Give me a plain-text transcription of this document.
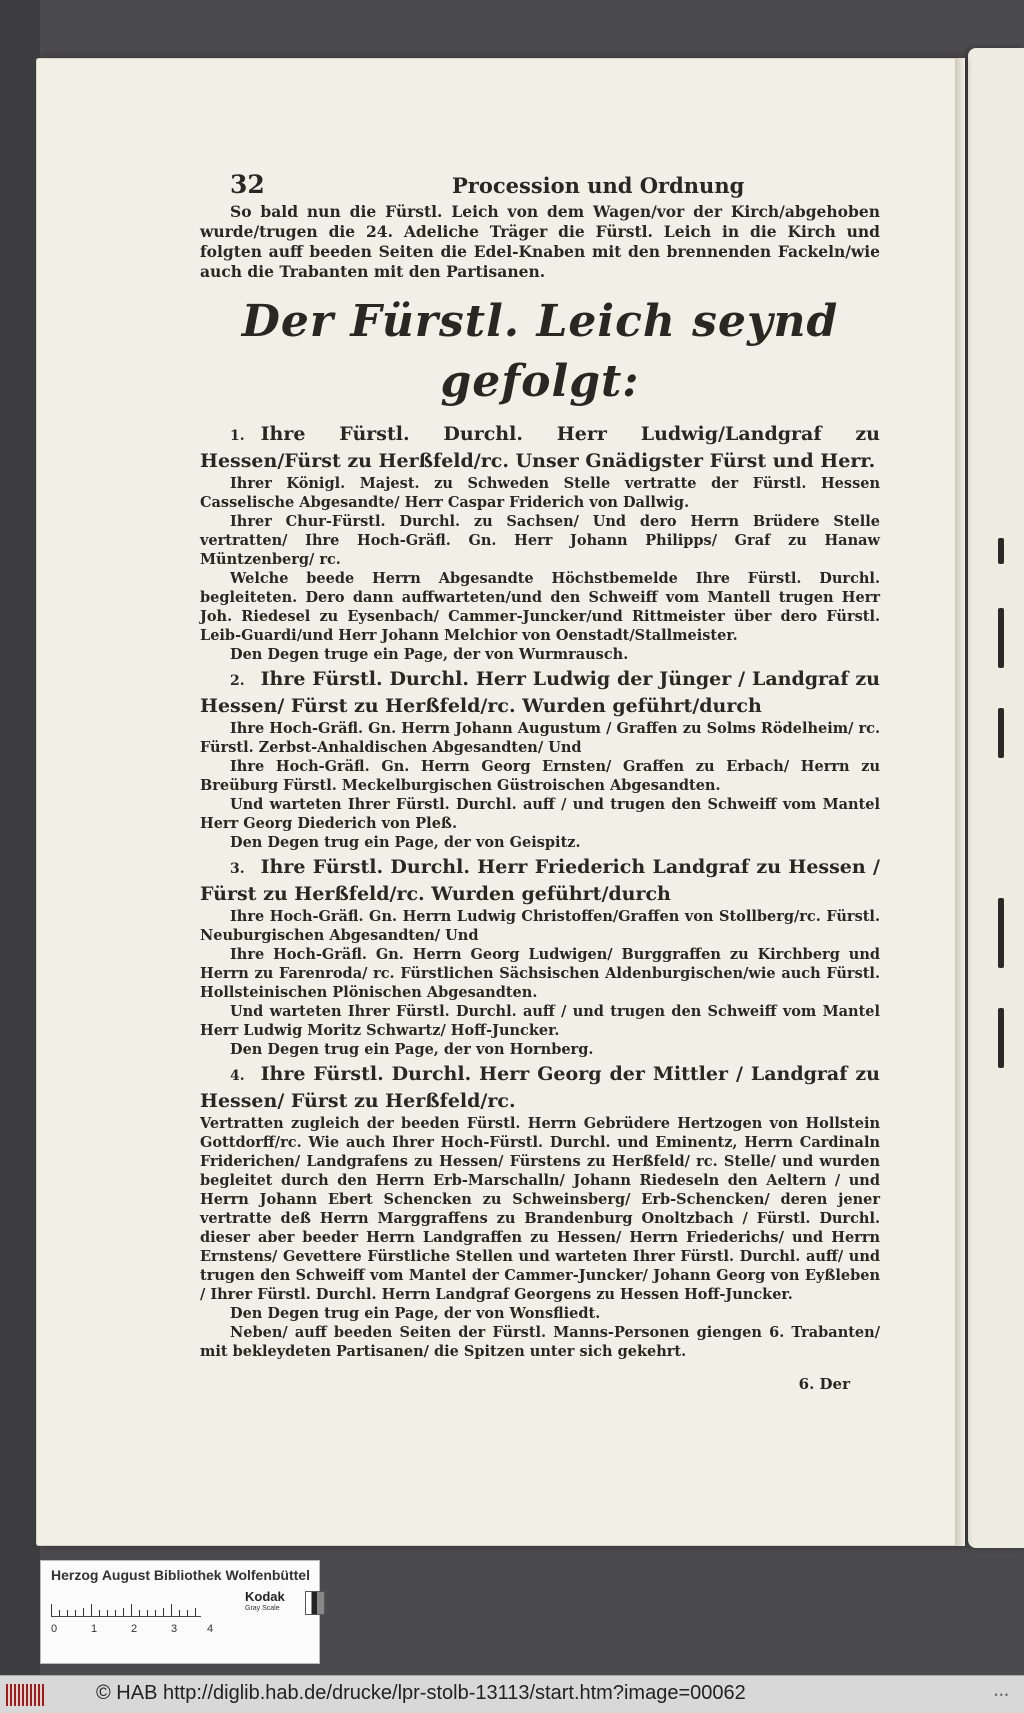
32	Procession und Ordnung

So bald nun die Fürstl. Leich von dem Wagen/vor der Kirch/abgehoben wurde/trugen die 24. Adeliche Träger die Fürstl. Leich in die Kirch und folgten auff beeden Seiten die Edel-Knaben mit den brennenden Fackeln/wie auch die Trabanten mit den Partisanen.

Der Fürstl. Leich seynd gefolgt:

1. Ihre Fürstl. Durchl. Herr Ludwig/Landgraf zu Hessen/Fürst zu Herßfeld/rc. Unser Gnädigster Fürst und Herr.

Ihrer Königl. Majest. zu Schweden Stelle vertratte der Fürstl. Hessen Casselische Abgesandte/ Herr Caspar Friderich von Dallwig.

Ihrer Chur-Fürstl. Durchl. zu Sachsen/ Und dero Herrn Brüdere Stelle vertratten/ Ihre Hoch-Gräfl. Gn. Herr Johann Philipps/ Graf zu Hanaw Müntzenberg/ rc.

Welche beede Herrn Abgesandte Höchstbemelde Ihre Fürstl. Durchl. begleiteten. Dero dann auffwarteten/und den Schweiff vom Mantell trugen Herr Joh. Riedesel zu Eysenbach/ Cammer-Juncker/und Rittmeister über dero Fürstl. Leib-Guardi/und Herr Johann Melchior von Oenstadt/Stallmeister.

Den Degen truge ein Page, der von Wurmrausch.

2. Ihre Fürstl. Durchl. Herr Ludwig der Jünger / Landgraf zu Hessen/ Fürst zu Herßfeld/rc. Wurden geführt/durch

Ihre Hoch-Gräfl. Gn. Herrn Johann Augustum / Graffen zu Solms Rödelheim/ rc. Fürstl. Zerbst-Anhaldischen Abgesandten/ Und

Ihre Hoch-Gräfl. Gn. Herrn Georg Ernsten/ Graffen zu Erbach/ Herrn zu Breüburg Fürstl. Meckelburgischen Güstroischen Abgesandten.

Und warteten Ihrer Fürstl. Durchl. auff / und trugen den Schweiff vom Mantel Herr Georg Diederich von Pleß.

Den Degen trug ein Page, der von Geispitz.

3. Ihre Fürstl. Durchl. Herr Friederich Landgraf zu Hessen / Fürst zu Herßfeld/rc. Wurden geführt/durch

Ihre Hoch-Gräfl. Gn. Herrn Ludwig Christoffen/Graffen von Stollberg/rc. Fürstl. Neuburgischen Abgesandten/ Und

Ihre Hoch-Gräfl. Gn. Herrn Georg Ludwigen/ Burggraffen zu Kirchberg und Herrn zu Farenroda/ rc. Fürstlichen Sächsischen Aldenburgischen/wie auch Fürstl. Hollsteinischen Plönischen Abgesandten.

Und warteten Ihrer Fürstl. Durchl. auff / und trugen den Schweiff vom Mantel Herr Ludwig Moritz Schwartz/ Hoff-Juncker.

Den Degen trug ein Page, der von Hornberg.

4. Ihre Fürstl. Durchl. Herr Georg der Mittler / Landgraf zu Hessen/ Fürst zu Herßfeld/rc.

Vertratten zugleich der beeden Fürstl. Herrn Gebrüdere Hertzogen von Hollstein Gottdorff/rc. Wie auch Ihrer Hoch-Fürstl. Durchl. und Eminentz, Herrn Cardinaln Friderichen/ Landgrafens zu Hessen/ Fürstens zu Herßfeld/ rc. Stelle/ und wurden begleitet durch den Herrn Erb-Marschalln/ Johann Riedeseln den Aeltern / und Herrn Johann Ebert Schencken zu Schweinsberg/ Erb-Schencken/ deren jener vertratte deß Herrn Marggraffens zu Brandenburg Onoltzbach / Fürstl. Durchl. dieser aber beeder Herrn Landgraffen zu Hessen/ Herrn Friederichs/ und Herrn Ernstens/ Gevettere Fürstliche Stellen und warteten Ihrer Fürstl. Durchl. auff/ und trugen den Schweiff vom Mantel der Cammer-Juncker/ Johann Georg von Eyßleben / Ihrer Fürstl. Durchl. Herrn Landgraf Georgens zu Hessen Hoff-Juncker.

Den Degen trug ein Page, der von Wonsfliedt.

Neben/ auff beeden Seiten der Fürstl. Manns-Personen giengen 6. Trabanten/ mit bekleydeten Partisanen/ die Spitzen unter sich gekehrt.

6. Der

Herzog August Bibliothek Wolfenbüttel
0	1	2	3	4
Kodak
Gray Scale
© HAB http://diglib.hab.de/drucke/lpr-stolb-13113/start.htm?image=00062	•••
